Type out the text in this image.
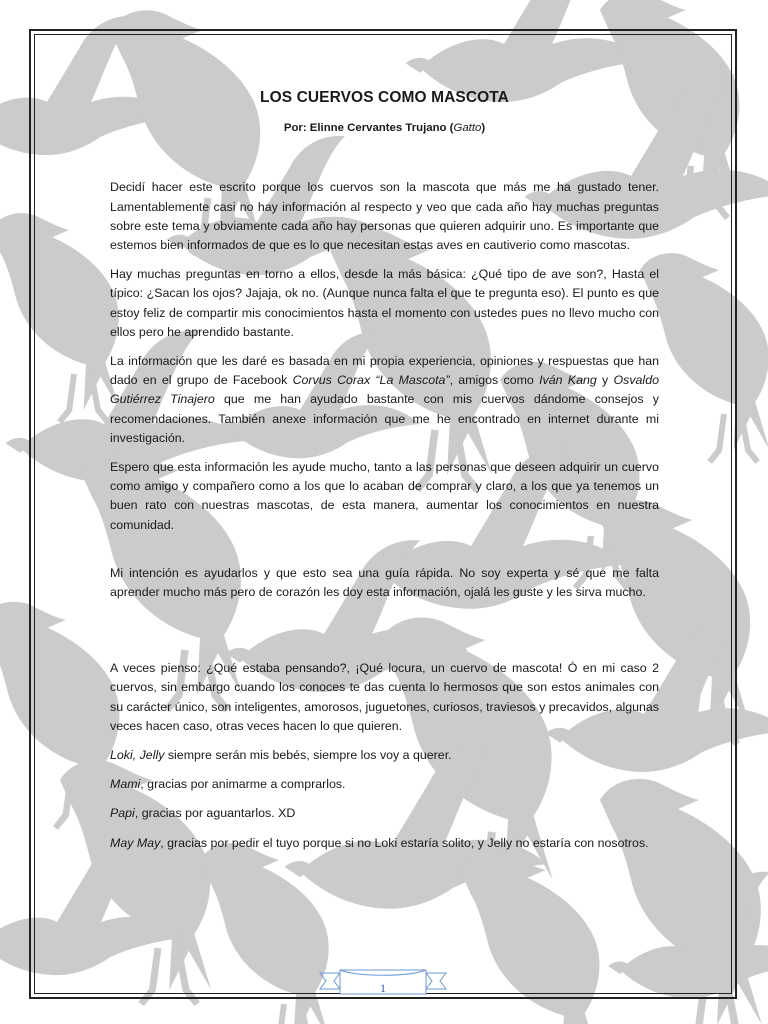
LOS CUERVOS COMO MASCOTA
Por: Elinne Cervantes Trujano (Gatto)

Decidí hacer este escrito porque los cuervos son la mascota que más me ha gustado tener. Lamentablemente casi no hay información al respecto y veo que cada año hay muchas preguntas sobre este tema y obviamente cada año hay personas que quieren adquirir uno. Es importante que estemos bien informados de que es lo que necesitan estas aves en cautiverio como mascotas.

Hay muchas preguntas en torno a ellos, desde la más básica: ¿Qué tipo de ave son?, Hasta el típico: ¿Sacan los ojos? Jajaja, ok no. (Aunque nunca falta el que te pregunta eso). El punto es que estoy feliz de compartir mis conocimientos hasta el momento con ustedes pues no llevo mucho con ellos pero he aprendido bastante.

La información que les daré es basada en mi propia experiencia, opiniones y respuestas que han dado en el grupo de Facebook Corvus Corax “La Mascota”, amigos como Iván Kang y Osvaldo Gutiérrez Tinajero que me han ayudado bastante con mis cuervos dándome consejos y recomendaciones. También anexe información que me he encontrado en internet durante mi investigación.

Espero que esta información les ayude mucho, tanto a las personas que deseen adquirir un cuervo como amigo y compañero como a los que lo acaban de comprar y claro, a los que ya tenemos un buen rato con nuestras mascotas, de esta manera, aumentar los conocimientos en nuestra comunidad.

Mi intención es ayudarlos y que esto sea una guía rápida. No soy experta y sé que me falta aprender mucho más pero de corazón les doy esta información, ojalá les guste y les sirva mucho.

A veces pienso: ¿Qué estaba pensando?, ¡Qué locura, un cuervo de mascota! Ó en mi caso 2 cuervos, sin embargo cuando los conoces te das cuenta lo hermosos que son estos animales con su carácter único, son inteligentes, amorosos, juguetones, curiosos, traviesos y precavidos, algunas veces hacen caso, otras veces hacen lo que quieren.

Loki, Jelly siempre serán mis bebés, siempre los voy a querer.

Mami, gracias por animarme a comprarlos.

Papi, gracias por aguantarlos. XD

May May, gracias por pedir el tuyo porque si no Loki estaría solito, y Jelly no estaría con nosotros.

1
